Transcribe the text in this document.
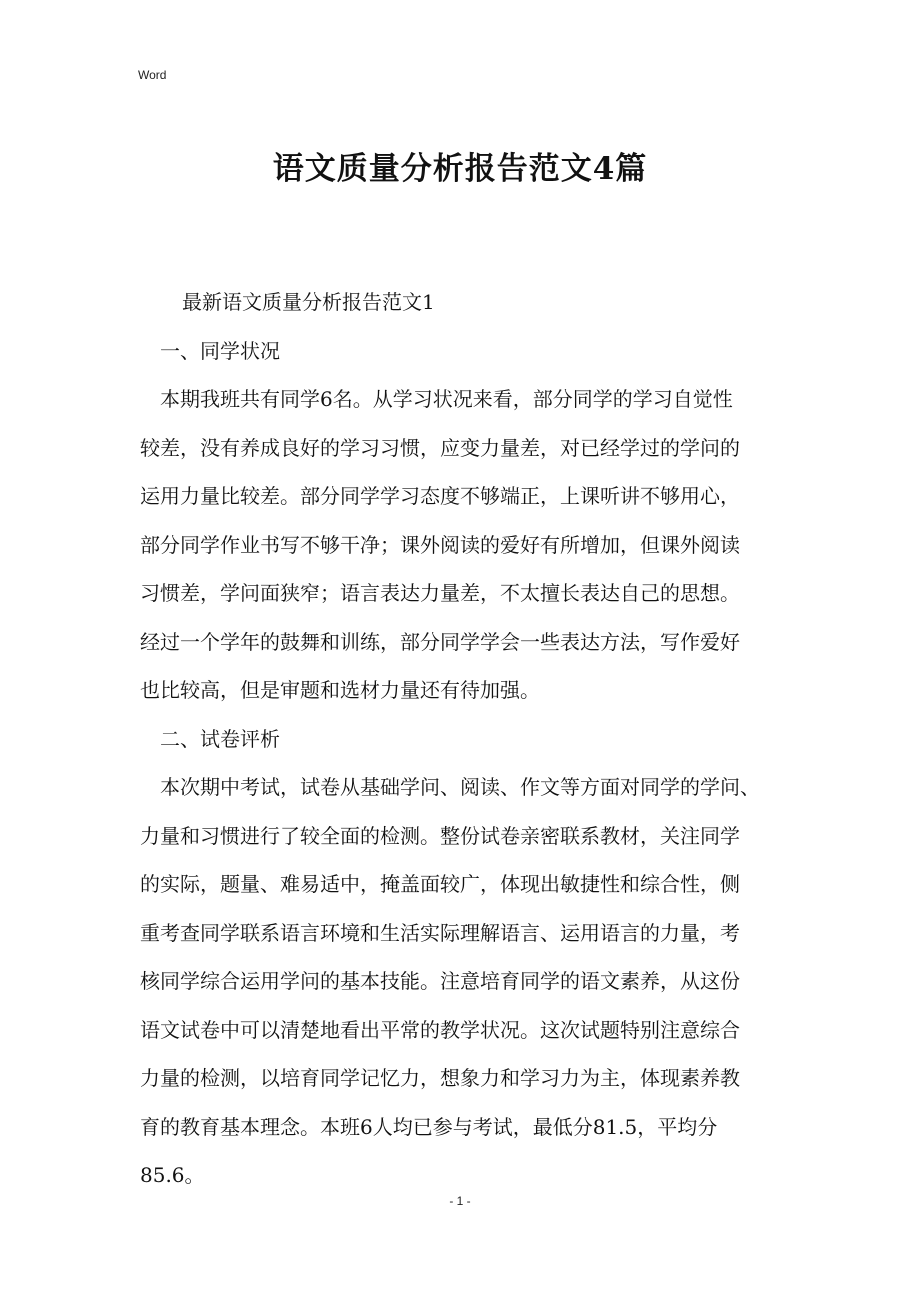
Word
语文质量分析报告范文4篇
最新语文质量分析报告范文1
一、同学状况
本期我班共有同学6名。从学习状况来看，部分同学的学习自觉性
较差，没有养成良好的学习习惯，应变力量差，对已经学过的学问的
运用力量比较差。部分同学学习态度不够端正，上课听讲不够用心，
部分同学作业书写不够干净；课外阅读的爱好有所增加，但课外阅读
习惯差，学问面狭窄；语言表达力量差，不太擅长表达自己的思想。
经过一个学年的鼓舞和训练，部分同学学会一些表达方法，写作爱好
也比较高，但是审题和选材力量还有待加强。
二、试卷评析
本次期中考试，试卷从基础学问、阅读、作文等方面对同学的学问、
力量和习惯进行了较全面的检测。整份试卷亲密联系教材，关注同学
的实际，题量、难易适中，掩盖面较广，体现出敏捷性和综合性，侧
重考查同学联系语言环境和生活实际理解语言、运用语言的力量，考
核同学综合运用学问的基本技能。注意培育同学的语文素养，从这份
语文试卷中可以清楚地看出平常的教学状况。这次试题特别注意综合
力量的检测，以培育同学记忆力，想象力和学习力为主，体现素养教
育的教育基本理念。本班6人均已参与考试，最低分81.5，平均分
85.6。
- 1 -
